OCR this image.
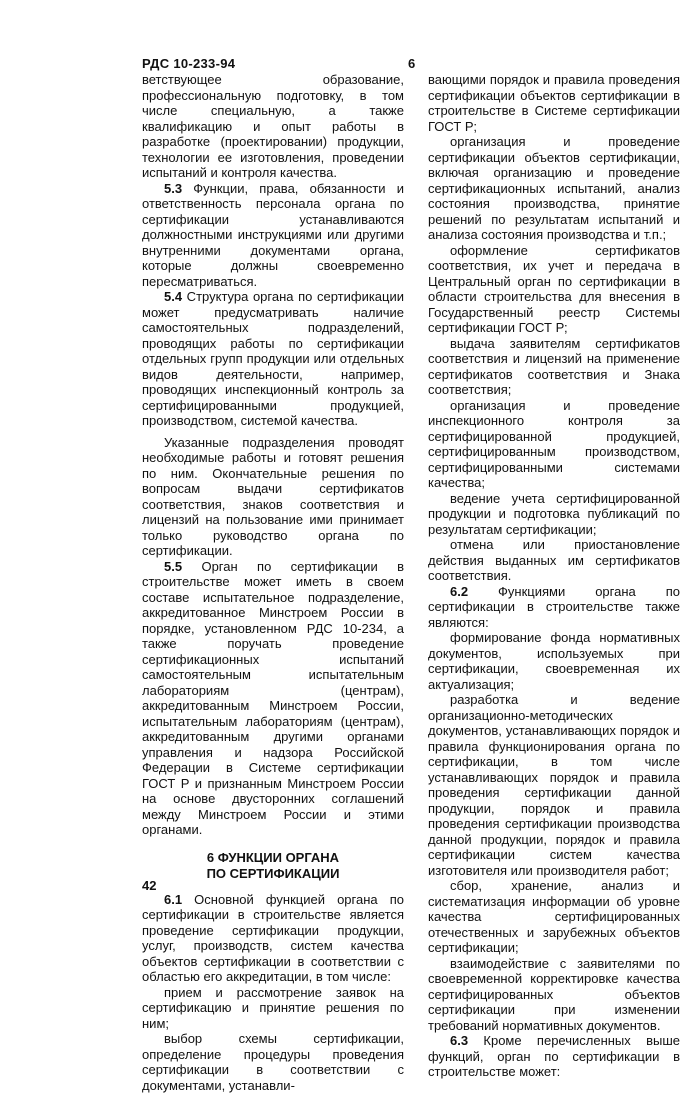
РДС 10-233-94	6

ветствующее образование, профессиональную подготовку, в том числе специальную, а также квалификацию и опыт работы в разработке (проектировании) продукции, технологии ее изготовления, проведении испытаний и контроля качества.

5.3 Функции, права, обязанности и ответственность персонала органа по сертификации устанавливаются должностными инструкциями или другими внутренними документами органа, которые должны своевременно пересматриваться.

5.4 Структура органа по сертификации может предусматривать наличие самостоятельных подразделений, проводящих работы по сертификации отдельных групп продукции или отдельных видов деятельности, например, проводящих инспекционный контроль за сертифицированными продукцией, производством, системой качества.

Указанные подразделения проводят необходимые работы и готовят решения по ним. Окончательные решения по вопросам выдачи сертификатов соответствия, знаков соответствия и лицензий на пользование ими принимает только руководство органа по сертификации.

5.5 Орган по сертификации в строительстве может иметь в своем составе испытательное подразделение, аккредитованное Минстроем России в порядке, установленном РДС 10-234, а также поручать проведение сертификационных испытаний самостоятельным испытательным лабораториям (центрам), аккредитованным Минстроем России, испытательным лабораториям (центрам), аккредитованным другими органами управления и надзора Российской Федерации в Системе сертификации ГОСТ Р и признанным Минстроем России на основе двусторонних соглашений между Минстроем России и этими органами.

6 ФУНКЦИИ ОРГАНА
ПО СЕРТИФИКАЦИИ

6.1 Основной функцией органа по сертификации в строительстве является проведение сертификации продукции, услуг, производств, систем качества объектов сертификации в соответствии с областью его аккредитации, в том числе:

прием и рассмотрение заявок на сертификацию и принятие решения по ним;

выбор схемы сертификации, определение процедуры проведения сертификации в соответствии с документами, устанавли-

вающими порядок и правила проведения сертификации объектов сертификации в строительстве в Системе сертификации ГОСТ Р;

организация и проведение сертификации объектов сертификации, включая организацию и проведение сертификационных испытаний, анализ состояния производства, принятие решений по результатам испытаний и анализа состояния производства и т.п.;

оформление сертификатов соответствия, их учет и передача в Центральный орган по сертификации в области строительства для внесения в Государственный реестр Системы сертификации ГОСТ Р;

выдача заявителям сертификатов соответствия и лицензий на применение сертификатов соответствия и Знака соответствия;

организация и проведение инспекционного контроля за сертифицированной продукцией, сертифицированным производством, сертифицированными системами качества;

ведение учета сертифицированной продукции и подготовка публикаций по результатам сертификации;

отмена или приостановление действия выданных им сертификатов соответствия.

6.2 Функциями органа по сертификации в строительстве также являются:

формирование фонда нормативных документов, используемых при сертификации, своевременная их актуализация;

разработка и ведение организационно-методических документов, устанавливающих порядок и правила функционирования органа по сертификации, в том числе устанавливающих порядок и правила проведения сертификации данной продукции, порядок и правила проведения сертификации производства данной продукции, порядок и правила сертификации систем качества изготовителя или производителя работ;

сбор, хранение, анализ и систематизация информации об уровне качества сертифицированных отечественных и зарубежных объектов сертификации;

взаимодействие с заявителями по своевременной корректировке качества сертифицированных объектов сертификации при изменении требований нормативных документов.

6.3 Кроме перечисленных выше функций, орган по сертификации в строительстве может:

42
